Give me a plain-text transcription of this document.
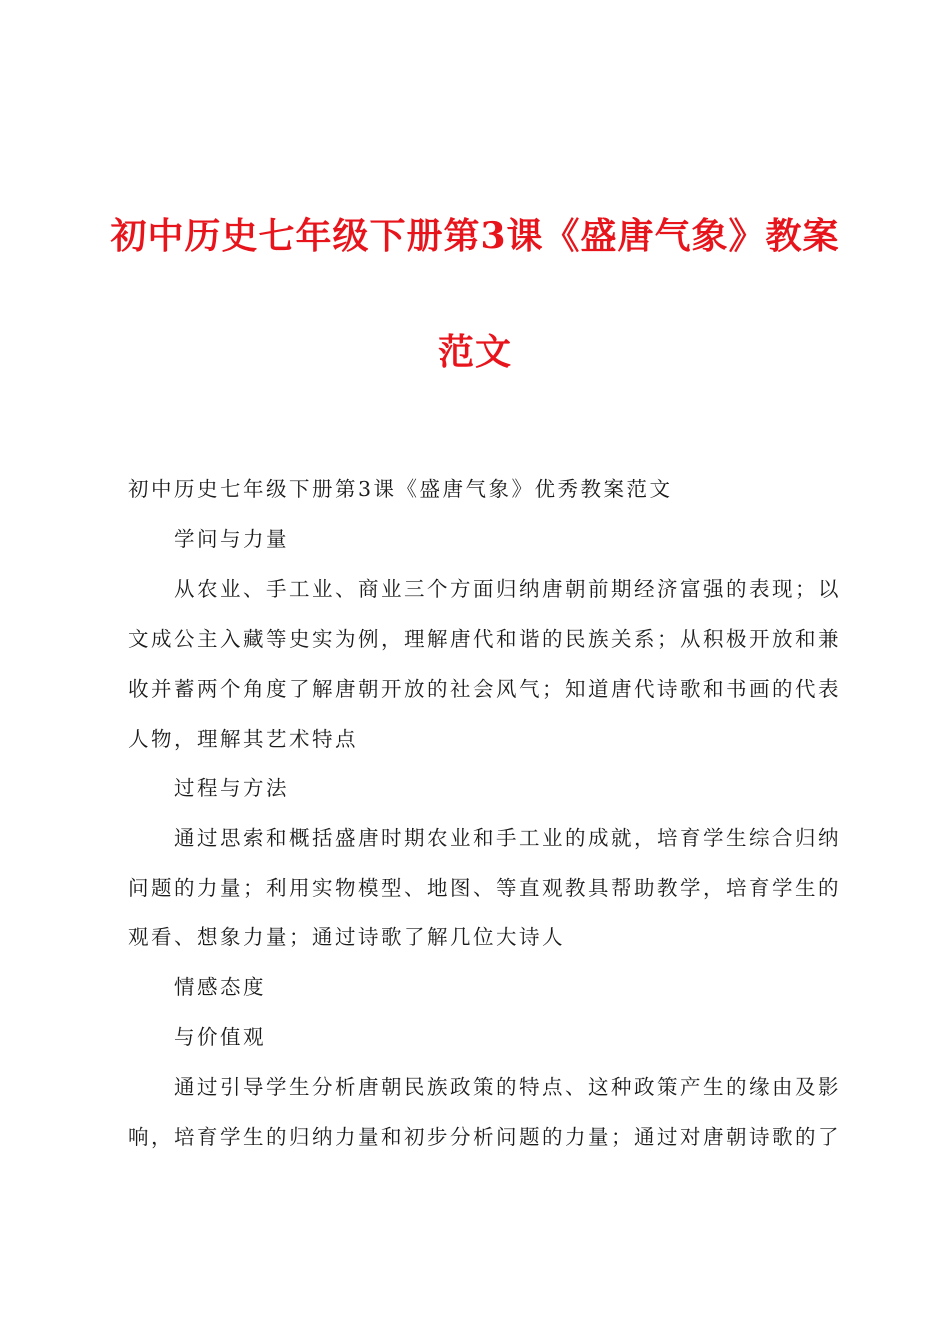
初中历史七年级下册第3课《盛唐气象》教案
范文
初中历史七年级下册第3课《盛唐气象》优秀教案范文
学问与力量
从农业、手工业、商业三个方面归纳唐朝前期经济富强的表现；以
文成公主入藏等史实为例，理解唐代和谐的民族关系；从积极开放和兼
收并蓄两个角度了解唐朝开放的社会风气；知道唐代诗歌和书画的代表
人物，理解其艺术特点
过程与方法
通过思索和概括盛唐时期农业和手工业的成就，培育学生综合归纳
问题的力量；利用实物模型、地图、等直观教具帮助教学，培育学生的
观看、想象力量；通过诗歌了解几位大诗人
情感态度
与价值观
通过引导学生分析唐朝民族政策的特点、这种政策产生的缘由及影
响，培育学生的归纳力量和初步分析问题的力量；通过对唐朝诗歌的了
